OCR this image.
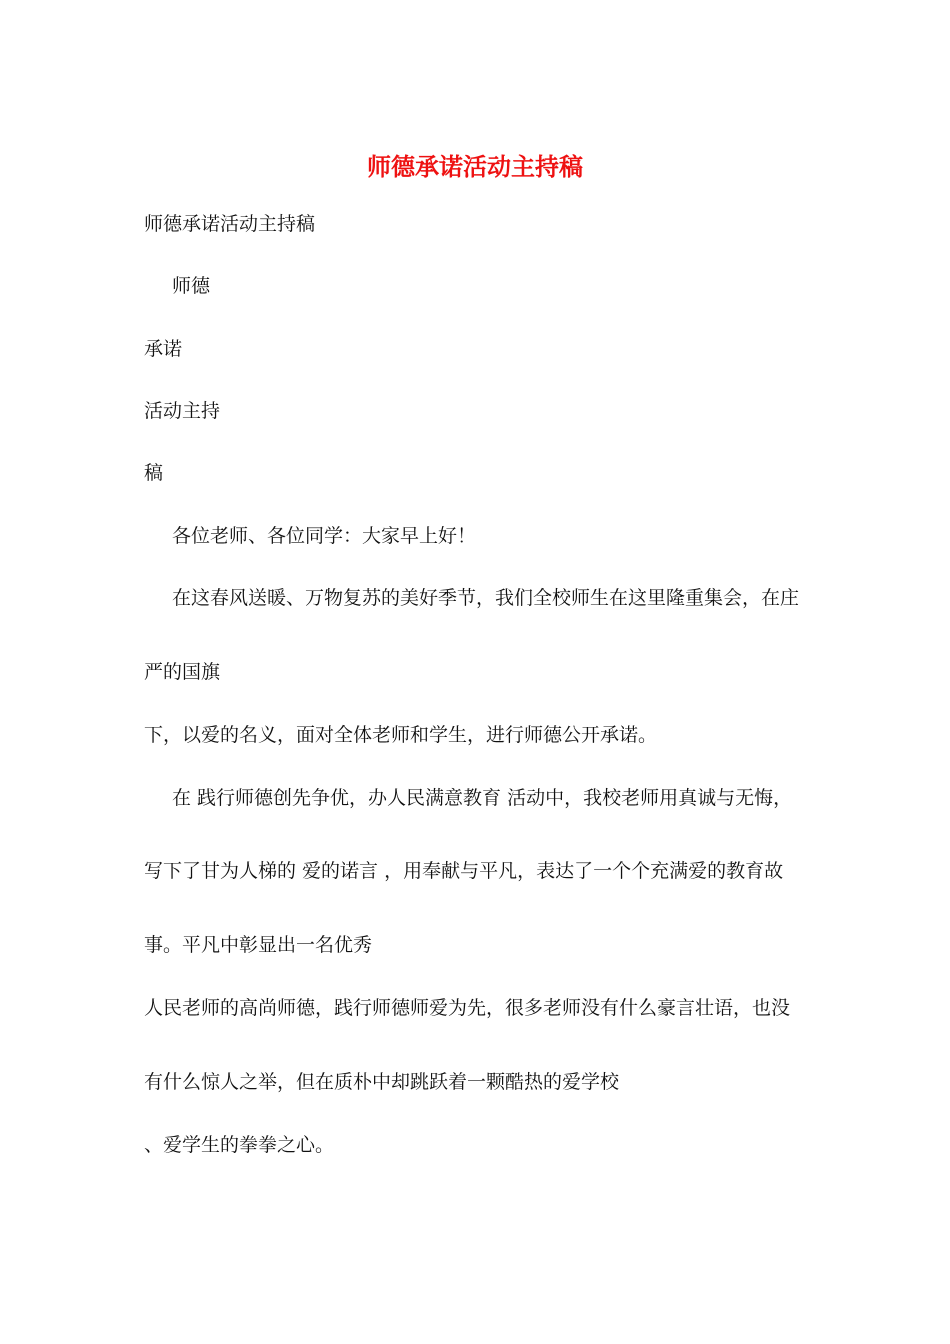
师德承诺活动主持稿
师德承诺活动主持稿
师德
承诺
活动主持
稿
各位老师、各位同学：大家早上好！
在这春风送暖、万物复苏的美好季节，我们全校师生在这里隆重集会，在庄
严的国旗
下，以爱的名义，面对全体老师和学生，进行师德公开承诺。
在 践行师德创先争优，办人民满意教育 活动中，我校老师用真诚与无悔，
写下了甘为人梯的 爱的诺言 ，用奉献与平凡，表达了一个个充满爱的教育故
事。平凡中彰显出一名优秀
人民老师的高尚师德，践行师德师爱为先，很多老师没有什么豪言壮语，也没
有什么惊人之举，但在质朴中却跳跃着一颗酷热的爱学校
、爱学生的拳拳之心。
